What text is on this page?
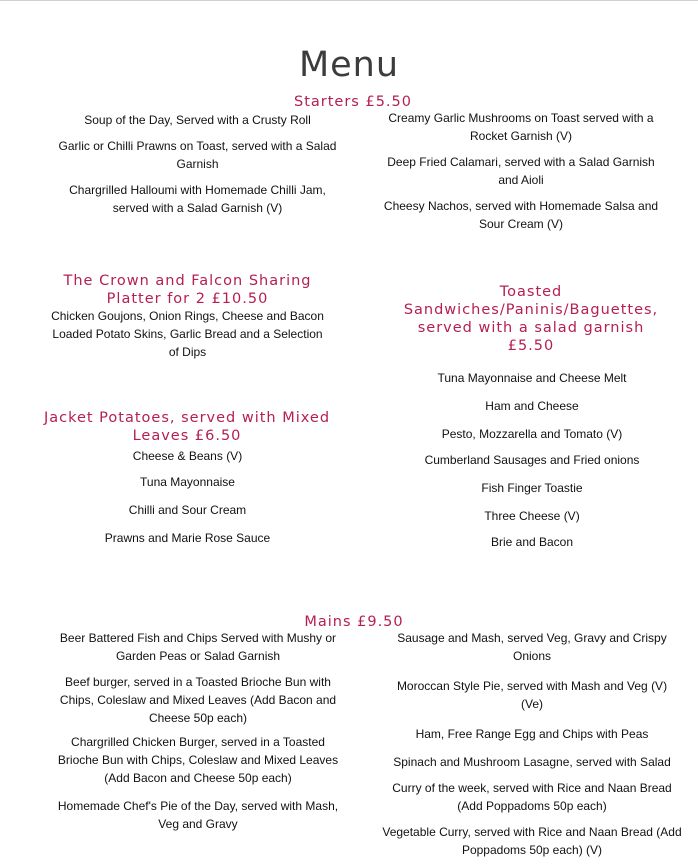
Menu
Starters £5.50
Soup of the Day, Served with a Crusty Roll
Garlic or Chilli Prawns on Toast, served with a Salad Garnish
Chargrilled Halloumi with Homemade Chilli Jam, served with a Salad Garnish (V)
Creamy Garlic Mushrooms on Toast served with a Rocket Garnish (V)
Deep Fried Calamari, served with a Salad Garnish and Aioli
Cheesy Nachos, served with Homemade Salsa and Sour Cream (V)
The Crown and Falcon Sharing Platter for 2 £10.50
Chicken Goujons, Onion Rings, Cheese and Bacon Loaded Potato Skins, Garlic Bread and a Selection of Dips
Toasted Sandwiches/Paninis/Baguettes, served with a salad garnish £5.50
Tuna Mayonnaise and Cheese Melt
Ham and Cheese
Pesto, Mozzarella and Tomato (V)
Cumberland Sausages and Fried onions
Fish Finger Toastie
Three Cheese (V)
Brie and Bacon
Jacket Potatoes, served with Mixed Leaves £6.50
Cheese & Beans (V)
Tuna Mayonnaise
Chilli and Sour Cream
Prawns and Marie Rose Sauce
Mains £9.50
Beer Battered Fish and Chips Served with Mushy or Garden Peas or Salad Garnish
Beef burger, served in a Toasted Brioche Bun with Chips, Coleslaw and Mixed Leaves (Add Bacon and Cheese 50p each)
Chargrilled Chicken Burger, served in a Toasted Brioche Bun with Chips, Coleslaw and Mixed Leaves (Add Bacon and Cheese 50p each)
Homemade Chef's Pie of the Day, served with Mash, Veg and Gravy
Sausage and Mash, served Veg, Gravy and Crispy Onions
Moroccan Style Pie, served with Mash and Veg (V) (Ve)
Ham, Free Range Egg and Chips with Peas
Spinach and Mushroom Lasagne, served with Salad
Curry of the week, served with Rice and Naan Bread (Add Poppadoms 50p each)
Vegetable Curry, served with Rice and Naan Bread (Add Poppadoms 50p each) (V)
